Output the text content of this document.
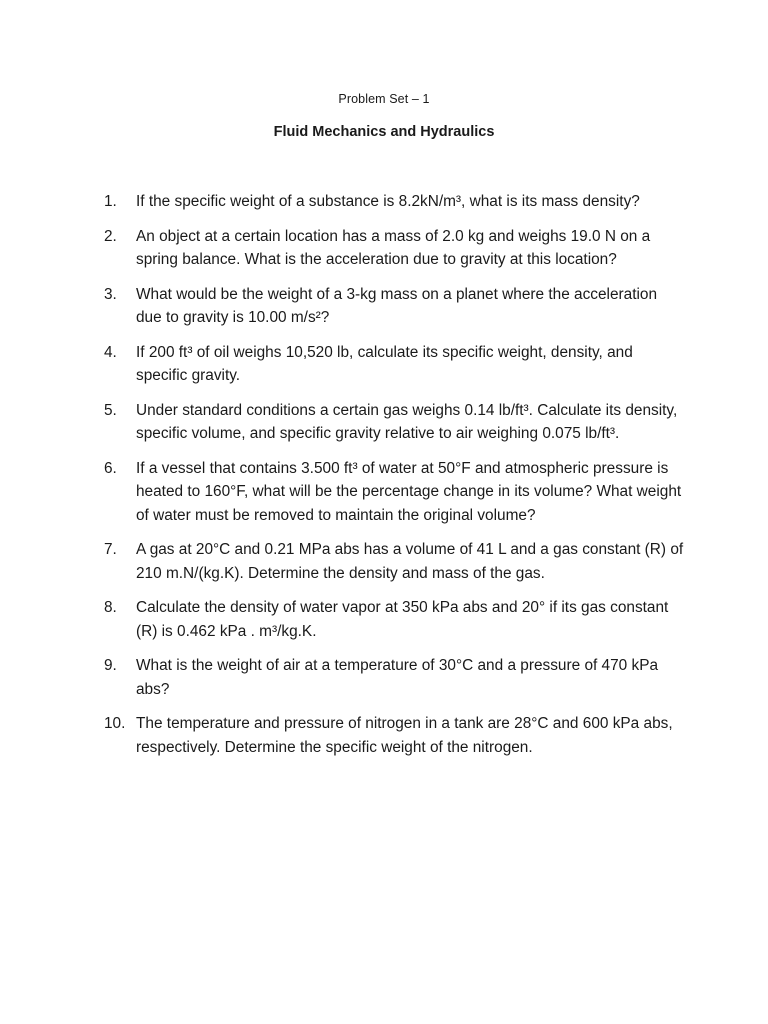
Problem Set – 1
Fluid Mechanics and Hydraulics
1.	If the specific weight of a substance is 8.2kN/m³, what is its mass density?
2.	An object at a certain location has a mass of 2.0 kg and weighs 19.0 N on a spring balance. What is the acceleration due to gravity at this location?
3.	What would be the weight of a 3-kg mass on a planet where the acceleration due to gravity is 10.00 m/s²?
4.	If 200 ft³ of oil weighs 10,520 lb, calculate its specific weight, density, and specific gravity.
5.	Under standard conditions a certain gas weighs 0.14 lb/ft³. Calculate its density, specific volume, and specific gravity relative to air weighing 0.075 lb/ft³.
6.	If a vessel that contains 3.500 ft³ of water at 50°F and atmospheric pressure is heated to 160°F, what will be the percentage change in its volume? What weight of water must be removed to maintain the original volume?
7.	A gas at 20°C and 0.21 MPa abs has a volume of 41 L and a gas constant (R) of 210 m.N/(kg.K). Determine the density and mass of the gas.
8.	Calculate the density of water vapor at 350 kPa abs and 20° if its gas constant (R) is 0.462 kPa . m³/kg.K.
9.	What is the weight of air at a temperature of 30°C and a pressure of 470 kPa abs?
10. The temperature and pressure of nitrogen in a tank are 28°C and 600 kPa abs, respectively. Determine the specific weight of the nitrogen.
